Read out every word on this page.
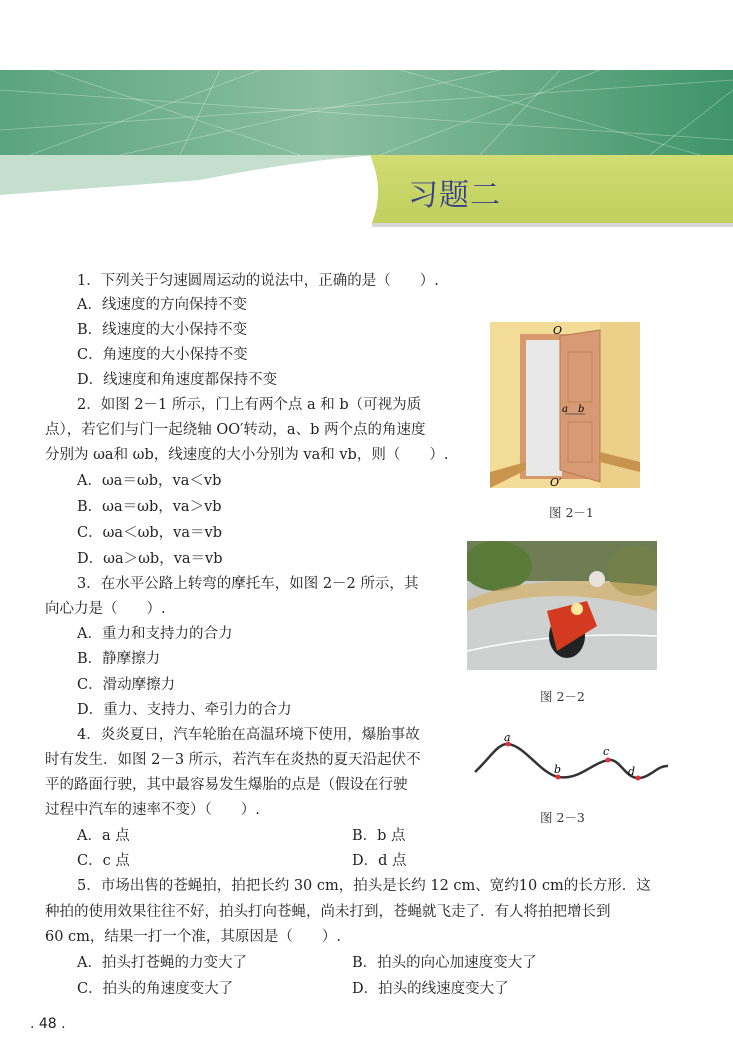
习题二
1．下列关于匀速圆周运动的说法中，正确的是（　　）.
A．线速度的方向保持不变
B．线速度的大小保持不变
C．角速度的大小保持不变
D．线速度和角速度都保持不变
2．如图 2－1 所示，门上有两个点 a 和 b（可视为质
点），若它们与门一起绕轴 OO′转动，a、b 两个点的角速度
分别为 ωa和 ωb，线速度的大小分别为 va和 vb，则（　　）.
A．ωa＝ωb，va＜vb
B．ωa＝ωb，va＞vb
C．ωa＜ωb，va＝vb
D．ωa＞ωb，va＝vb
3．在水平公路上转弯的摩托车，如图 2－2 所示，其
向心力是（　　）.
A．重力和支持力的合力
B．静摩擦力
C．滑动摩擦力
D．重力、支持力、牵引力的合力
4．炎炎夏日，汽车轮胎在高温环境下使用，爆胎事故
时有发生．如图 2－3 所示，若汽车在炎热的夏天沿起伏不
平的路面行驶，其中最容易发生爆胎的点是（假设在行驶
过程中汽车的速率不变）（　　）.
A．a 点	B．b 点
C．c 点	D．d 点
5．市场出售的苍蝇拍，拍把长约 30 cm，拍头是长约 12 cm、宽约10 cm的长方形．这
种拍的使用效果往往不好，拍头打向苍蝇，尚未打到，苍蝇就飞走了．有人将拍把增长到
60 cm，结果一打一个准，其原因是（　　）.
A．拍头打苍蝇的力变大了	B．拍头的向心加速度变大了
C．拍头的角速度变大了	D．拍头的线速度变大了
O
a b
O′
图 2－1
图 2－2
a
b
c
d
图 2－3
. 48 .
